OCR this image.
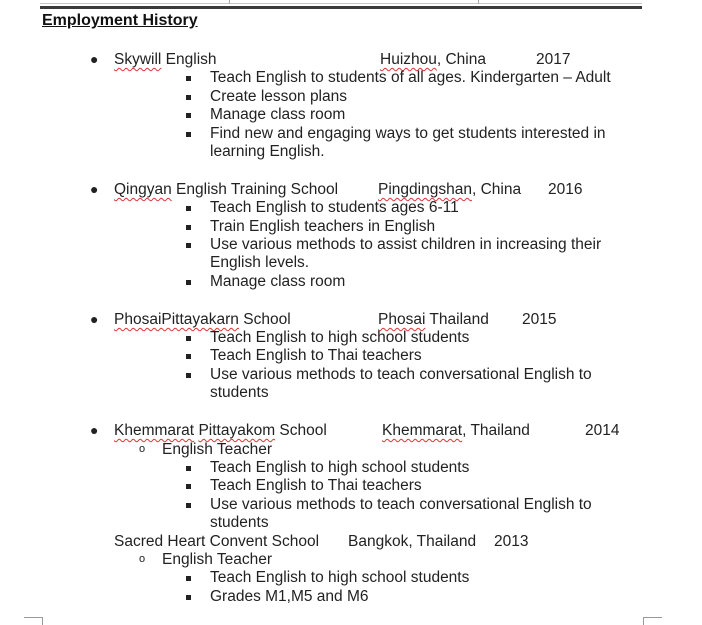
Employment History
● Skywill English	Huizhou, China	2017
Teach English to students of all ages. Kindergarten – Adult
Create lesson plans
Manage class room
Find new and engaging ways to get students interested in
learning English.
● Qingyan English Training School	Pingdingshan, China 2016
Teach English to students ages 6-11
Train English teachers in English
Use various methods to assist children in increasing their
English levels.
Manage class room
● PhosaiPittayakarn School	Phosai Thailand 2015
Teach English to high school students
Teach English to Thai teachers
Use various methods to teach conversational English to
students
● Khemmarat Pittayakom School	Khemmarat, Thailand	2014
o English Teacher
Teach English to high school students
Teach English to Thai teachers
Use various methods to teach conversational English to
students
Sacred Heart Convent School Bangkok, Thailand 2013
o English Teacher
Teach English to high school students
Grades M1,M5 and M6
